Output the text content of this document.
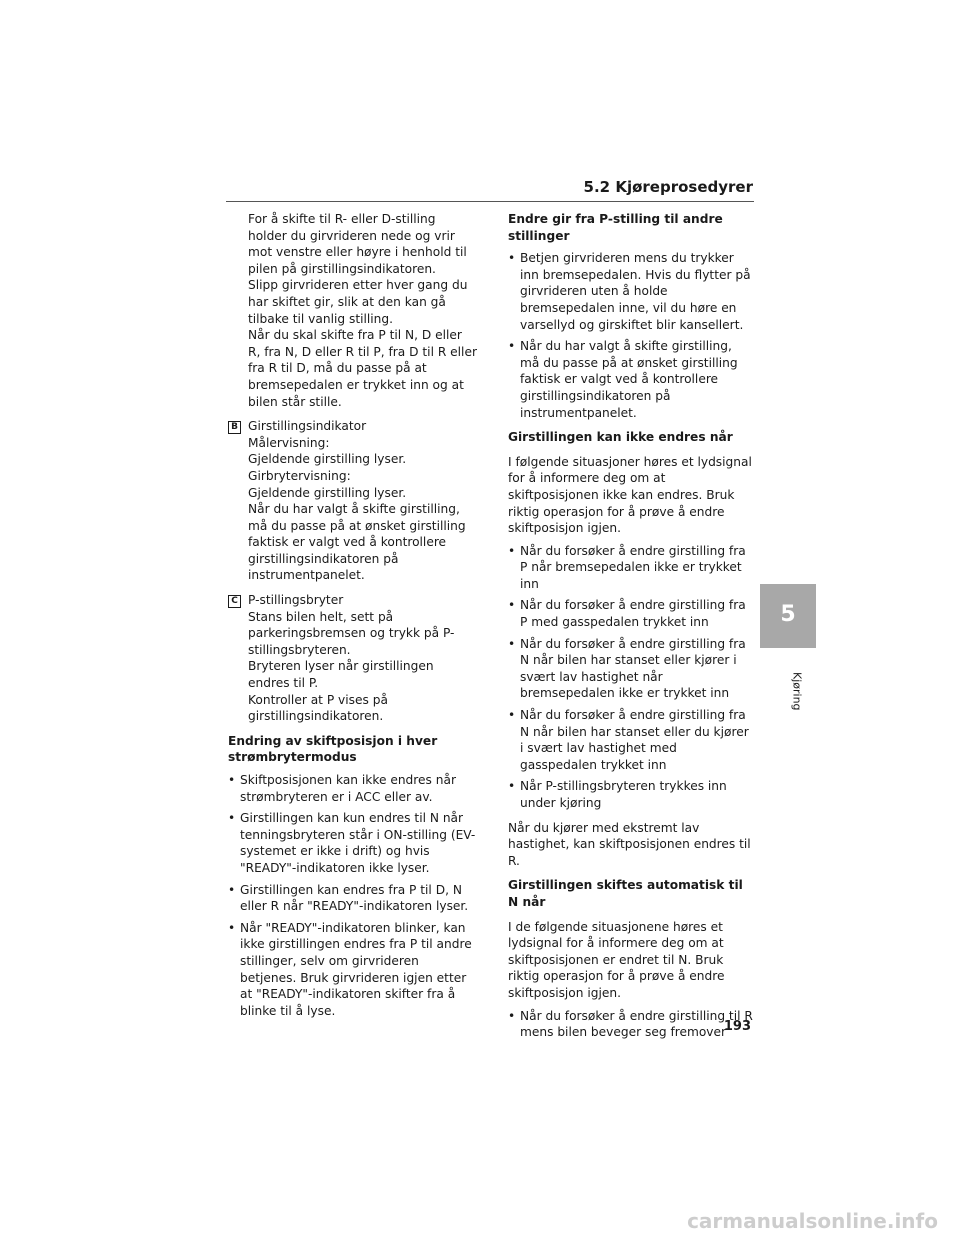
5.2 Kjøreprosedyrer
For å skifte til R- eller D-stilling holder du girvrideren nede og vrir mot venstre eller høyre i henhold til pilen på girstillingsindikatoren.
Slipp girvrideren etter hver gang du har skiftet gir, slik at den kan gå tilbake til vanlig stilling.
Når du skal skifte fra P til N, D eller R, fra N, D eller R til P, fra D til R eller fra R til D, må du passe på at bremsepedalen er trykket inn og at bilen står stille.
B Girstillingsindikator
Målervisning:
Gjeldende girstilling lyser.
Girbrytervisning:
Gjeldende girstilling lyser.
Når du har valgt å skifte girstilling, må du passe på at ønsket girstilling faktisk er valgt ved å kontrollere girstillingsindikatoren på instrumentpanelet.
C P-stillingsbryter
Stans bilen helt, sett på parkeringsbremsen og trykk på P-stillingsbryteren.
Bryteren lyser når girstillingen endres til P.
Kontroller at P vises på girstillingsindikatoren.
Endring av skiftposisjon i hver strømbrytermodus
• Skiftposisjonen kan ikke endres når strømbryteren er i ACC eller av.
• Girstillingen kan kun endres til N når tenningsbryteren står i ON-stilling (EV-systemet er ikke i drift) og hvis "READY"-indikatoren ikke lyser.
• Girstillingen kan endres fra P til D, N eller R når "READY"-indikatoren lyser.
• Når "READY"-indikatoren blinker, kan ikke girstillingen endres fra P til andre stillinger, selv om girvrideren betjenes. Bruk girvrideren igjen etter at "READY"-indikatoren skifter fra å blinke til å lyse.
Endre gir fra P-stilling til andre stillinger
• Betjen girvrideren mens du trykker inn bremsepedalen. Hvis du flytter på girvrideren uten å holde bremsepedalen inne, vil du høre en varsellyd og girskiftet blir kansellert.
• Når du har valgt å skifte girstilling, må du passe på at ønsket girstilling faktisk er valgt ved å kontrollere girstillingsindikatoren på instrumentpanelet.
Girstillingen kan ikke endres når
I følgende situasjoner høres et lydsignal for å informere deg om at skiftposisjonen ikke kan endres. Bruk riktig operasjon for å prøve å endre skiftposisjon igjen.
• Når du forsøker å endre girstilling fra P når bremsepedalen ikke er trykket inn
• Når du forsøker å endre girstilling fra P med gasspedalen trykket inn
• Når du forsøker å endre girstilling fra N når bilen har stanset eller kjører i svært lav hastighet når bremsepedalen ikke er trykket inn
• Når du forsøker å endre girstilling fra N når bilen har stanset eller du kjører i svært lav hastighet med gasspedalen trykket inn
• Når P-stillingsbryteren trykkes inn under kjøring
Når du kjører med ekstremt lav hastighet, kan skiftposisjonen endres til R.
Girstillingen skiftes automatisk til N når
I de følgende situasjonene høres et lydsignal for å informere deg om at skiftposisjonen er endret til N. Bruk riktig operasjon for å prøve å endre skiftposisjon igjen.
• Når du forsøker å endre girstilling til R mens bilen beveger seg fremover
5
Kjøring
193
carmanualsonline.info
